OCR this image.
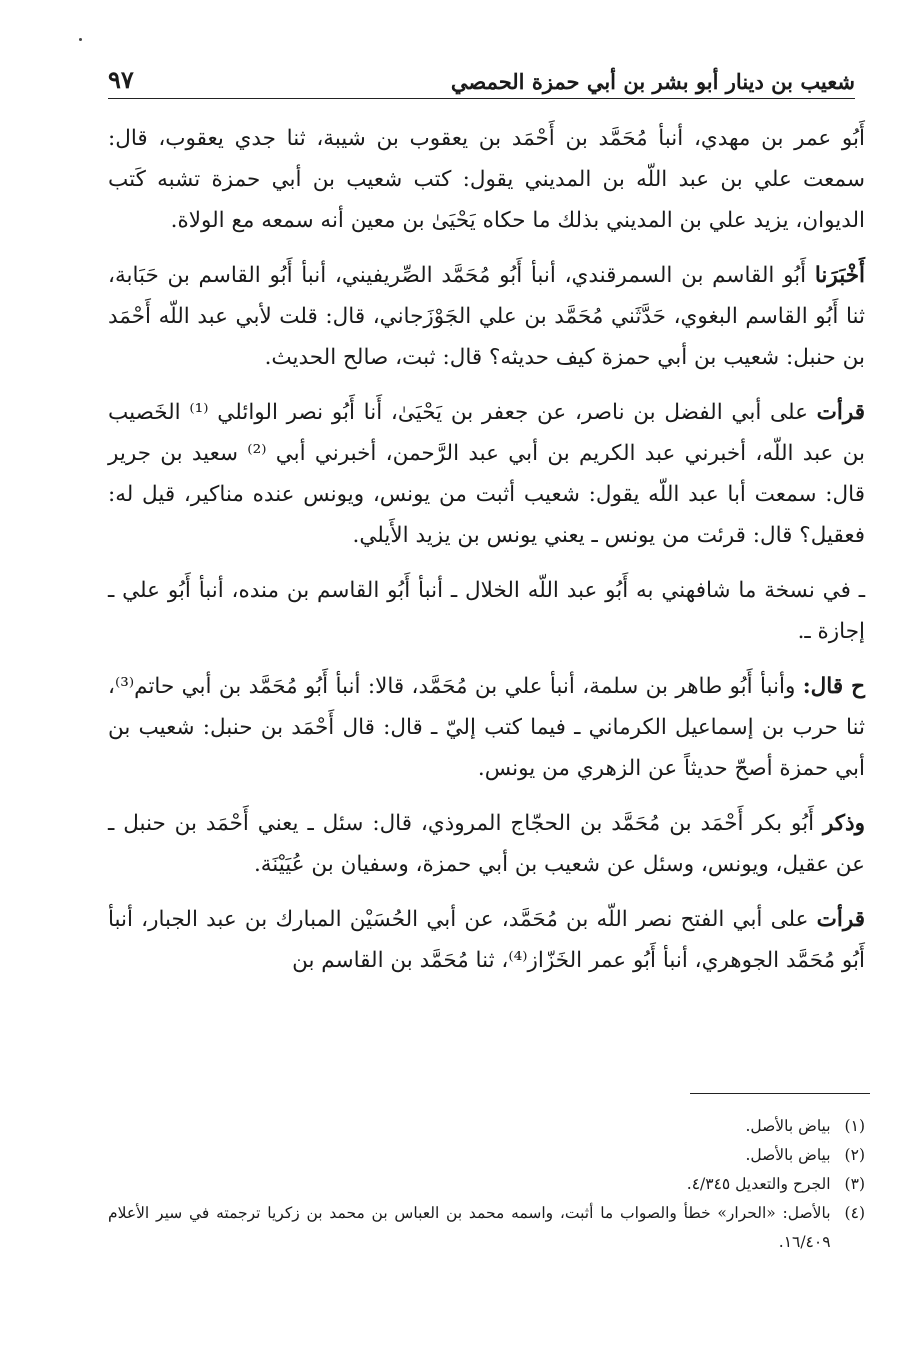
شعيب بن دينار أبو بشر بن أبي حمزة الحمصي
٩٧

أَبُو عمر بن مهدي، أنبأ مُحَمَّد بن أَحْمَد بن يعقوب بن شيبة، ثنا جدي يعقوب، قال: سمعت علي بن عبد اللّه بن المديني يقول: كتب شعيب بن أبي حمزة تشبه كَتب الديوان، يزيد علي بن المديني بذلك ما حكاه يَحْيَىٰ بن معين أنه سمعه مع الولاة.

أَخْبَرَنا أَبُو القاسم بن السمرقندي، أنبأ أَبُو مُحَمَّد الصِّريفيني، أنبأ أَبُو القاسم بن حَبَابة، ثنا أَبُو القاسم البغوي، حَدَّثَني مُحَمَّد بن علي الجَوْزَجاني، قال: قلت لأبي عبد اللّه أَحْمَد بن حنبل: شعيب بن أبي حمزة كيف حديثه؟ قال: ثبت، صالح الحديث.

قرأت على أبي الفضل بن ناصر، عن جعفر بن يَحْيَىٰ، أَنا أَبُو نصر الوائلي ⁽¹⁾ الخَصيب بن عبد اللّه، أخبرني عبد الكريم بن أبي عبد الرَّحمن، أخبرني أبي ⁽²⁾ سعيد بن جرير قال: سمعت أبا عبد اللّه يقول: شعيب أثبت من يونس، ويونس عنده مناكير، قيل له: فعقيل؟ قال: قرئت من يونس ـ يعني يونس بن يزيد الأَيلي.

ـ في نسخة ما شافهني به أَبُو عبد اللّه الخلال ـ أنبأ أَبُو القاسم بن منده، أنبأ أَبُو علي ـ إجازة ـ.

ح قال: وأنبأ أَبُو طاهر بن سلمة، أنبأ علي بن مُحَمَّد، قالا: أنبأ أَبُو مُحَمَّد بن أبي حاتم⁽³⁾، ثنا حرب بن إسماعيل الكرماني ـ فيما كتب إليّ ـ قال: قال أَحْمَد بن حنبل: شعيب بن أبي حمزة أصحّ حديثاً عن الزهري من يونس.

وذكر أَبُو بكر أَحْمَد بن مُحَمَّد بن الحجّاج المروذي، قال: سئل ـ يعني أَحْمَد بن حنبل ـ عن عقيل، ويونس، وسئل عن شعيب بن أبي حمزة، وسفيان بن عُيَيْنَة.

قرأت على أبي الفتح نصر اللّه بن مُحَمَّد، عن أبي الحُسَيْن المبارك بن عبد الجبار، أنبأ أَبُو مُحَمَّد الجوهري، أنبأ أَبُو عمر الخَزّاز⁽⁴⁾، ثنا مُحَمَّد بن القاسم بن

(١)
بياض بالأصل.
(٢)
بياض بالأصل.
(٣)
الجرح والتعديل ٤/٣٤٥.
(٤)
بالأصل: «الحرار» خطأ والصواب ما أثبت، واسمه محمد بن العباس بن محمد بن زكريا ترجمته في سير الأعلام ١٦/٤٠٩.
